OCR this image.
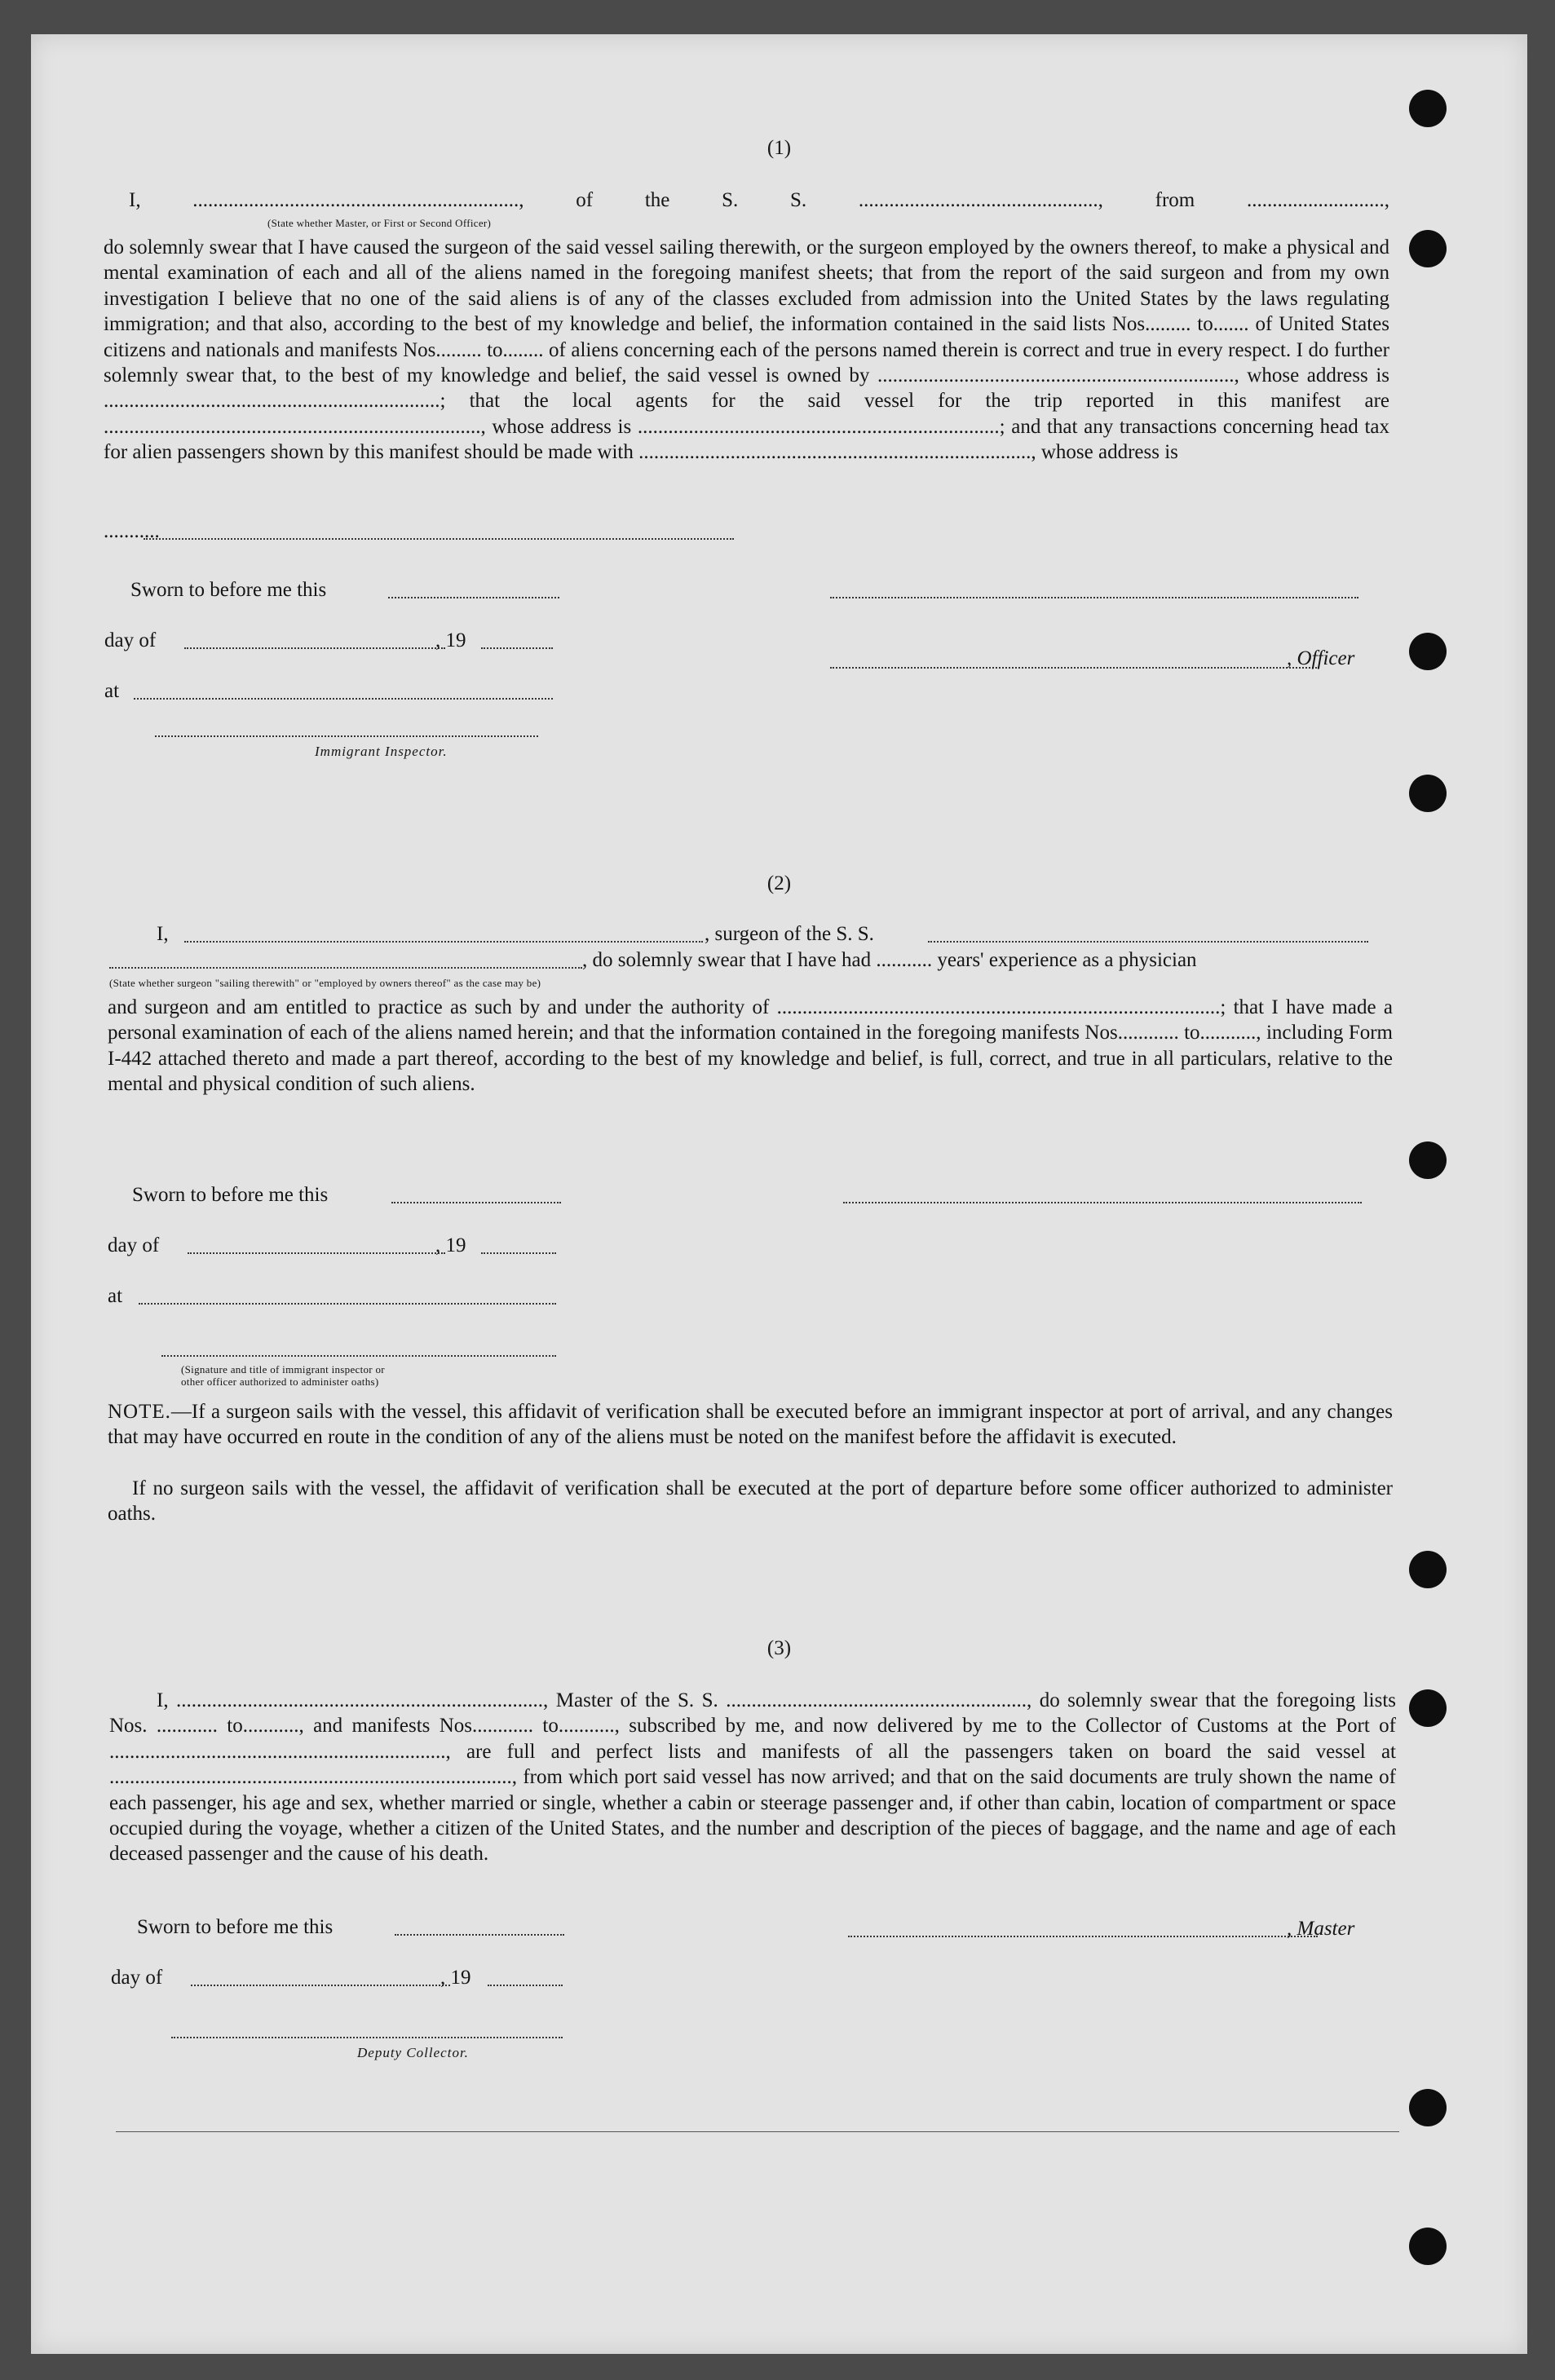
(1)
I, ................................................................, of the S. S. ..............................................., from ...........................,
(State whether Master, or First or Second Officer)
do solemnly swear that I have caused the surgeon of the said vessel sailing therewith, or the surgeon employed by the owners thereof, to make a physical and mental examination of each and all of the aliens named in the foregoing manifest sheets; that from the report of the said surgeon and from my own investigation I believe that no one of the said aliens is of any of the classes excluded from admission into the United States by the laws regulating immigration; and that also, according to the best of my knowledge and belief, the information contained in the said lists Nos......... to....... of United States citizens and nationals and manifests Nos......... to........ of aliens concerning each of the persons named therein is correct and true in every respect. I do further solemnly swear that, to the best of my knowledge and belief, the said vessel is owned by ......................................................................, whose address is ..................................................................; that the local agents for the said vessel for the trip reported in this manifest are .........................................................................., whose address is .......................................................................; and that any transactions concerning head tax for alien passengers shown by this manifest should be made with ............................................................................., whose address is
...........
Sworn to before me this
day of	, 19
, Officer
at
Immigrant Inspector.
(2)
I,	, surgeon of the S. S.
, do solemnly swear that I have had ........... years' experience as a physician
(State whether surgeon "sailing therewith" or "employed by owners thereof" as the case may be)
and surgeon and am entitled to practice as such by and under the authority of .......................................................................................; that I have made a personal examination of each of the aliens named herein; and that the information contained in the foregoing manifests Nos............ to..........., including Form I-442 attached thereto and made a part thereof, according to the best of my knowledge and belief, is full, correct, and true in all particulars, relative to the mental and physical condition of such aliens.
Sworn to before me this
day of	, 19
at
(Signature and title of immigrant inspector or
other officer authorized to administer oaths)
NOTE.—If a surgeon sails with the vessel, this affidavit of verification shall be executed before an immigrant inspector at port of arrival, and any changes that may have occurred en route in the condition of any of the aliens must be noted on the manifest before the affidavit is executed.
If no surgeon sails with the vessel, the affidavit of verification shall be executed at the port of departure before some officer authorized to administer oaths.
(3)
I, ........................................................................, Master of the S. S. ..........................................................., do solemnly swear that the foregoing lists Nos. ............ to..........., and manifests Nos............ to..........., subscribed by me, and now delivered by me to the Collector of Customs at the Port of .................................................................., are full and perfect lists and manifests of all the passengers taken on board the said vessel at ..............................................................................., from which port said vessel has now arrived; and that on the said documents are truly shown the name of each passenger, his age and sex, whether married or single, whether a cabin or steerage passenger and, if other than cabin, location of compartment or space occupied during the voyage, whether a citizen of the United States, and the number and description of the pieces of baggage, and the name and age of each deceased passenger and the cause of his death.
Sworn to before me this	, Master
day of	, 19
Deputy Collector.
